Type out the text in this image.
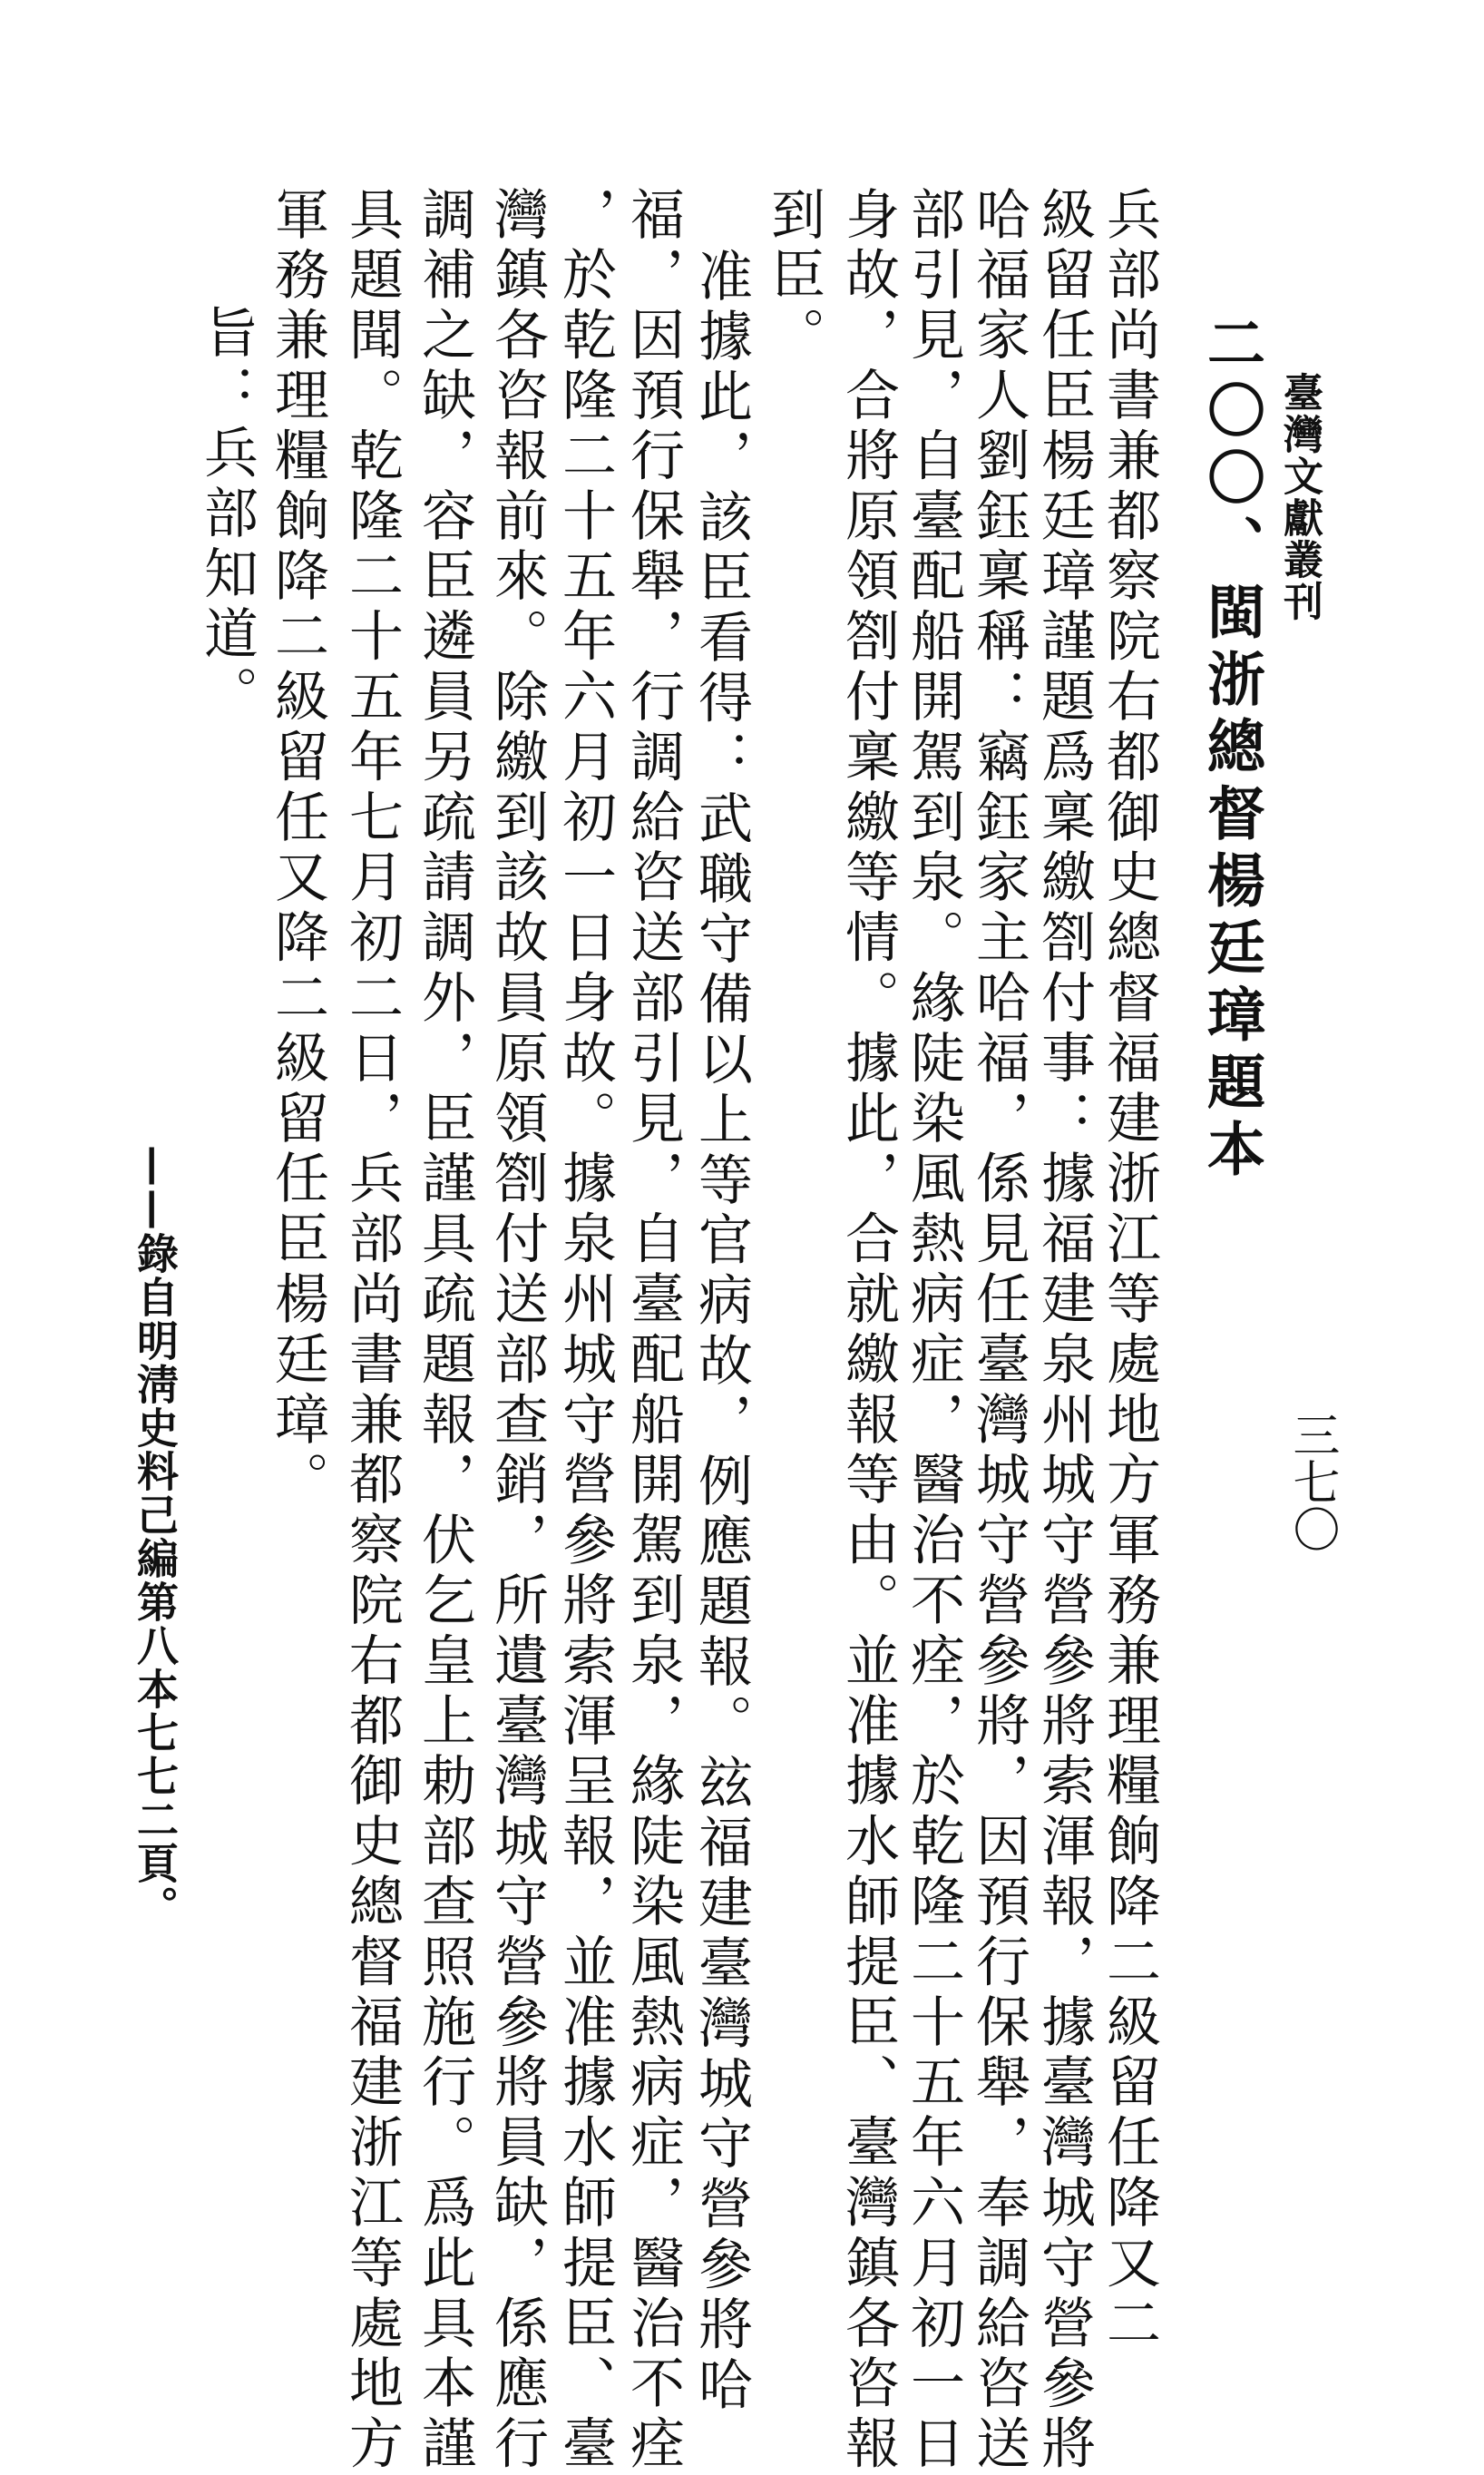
臺灣文獻叢刊
三七〇
二〇〇、閩浙總督楊廷璋題本
兵部尚書兼都察院右都御史總督福建浙江等處地方軍務兼理糧餉降二級留任降又二
級留任臣楊廷璋謹題爲稟繳劄付事：據福建泉州城守營參將索渾報，據臺灣城守營參將
哈福家人劉鈺稟稱：竊鈺家主哈福，係見任臺灣城守營參將，因預行保舉，奉調給咨送
部引見，自臺配船開駕到泉。緣陡染風熱病症，醫治不痊，於乾隆二十五年六月初一日
身故，合將原領劄付稟繳等情。據此，合就繳報等由。並准據水師提臣、臺灣鎮各咨報
到臣。
准據此，該臣看得：武職守備以上等官病故，例應題報。玆福建臺灣城守營參將哈
福，因預行保舉，行調給咨送部引見，自臺配船開駕到泉，緣陡染風熱病症，醫治不痊
，於乾隆二十五年六月初一日身故。據泉州城守營參將索渾呈報，並准據水師提臣、臺
灣鎮各咨報前來。除繳到該故員原領劄付送部查銷，所遺臺灣城守營參將員缺，係應行
調補之缺，容臣遴員另疏請調外，臣謹具疏題報，伏乞皇上勅部查照施行。爲此具本謹
具題聞。乾隆二十五年七月初二日，兵部尚書兼都察院右都御史總督福建浙江等處地方
軍務兼理糧餉降二級留任又降二級留任臣楊廷璋。
旨：兵部知道。
——錄自明淸史料己編第八本七七二頁。
